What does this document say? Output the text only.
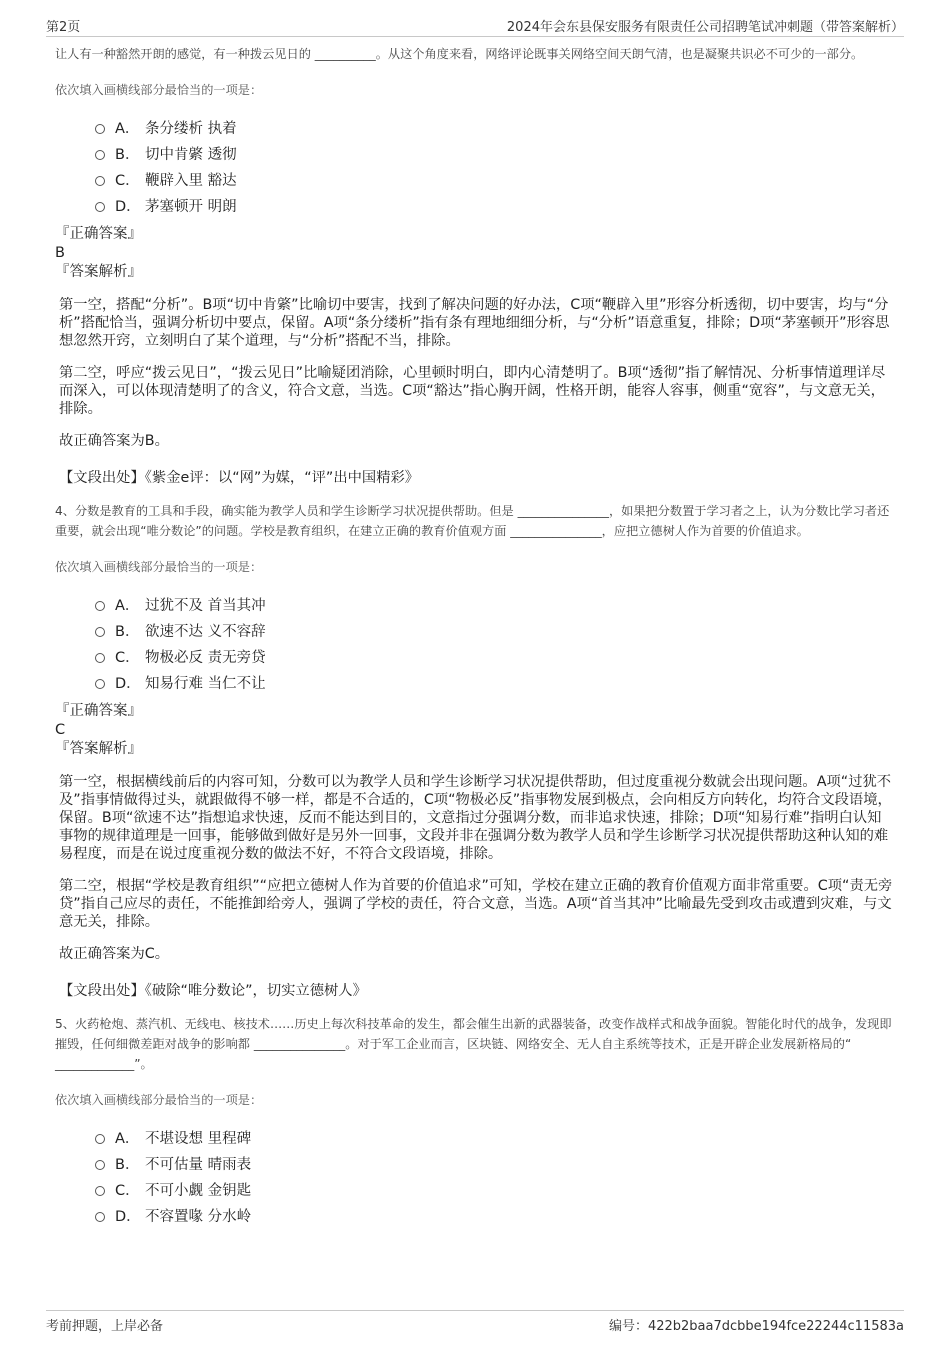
第2页	2024年会东县保安服务有限责任公司招聘笔试冲刺题（带答案解析）

让人有一种豁然开朗的感觉，有一种拨云见日的 __________。从这个角度来看，网络评论既事关网络空间天朗气清，也是凝聚共识必不可少的一部分。

依次填入画横线部分最恰当的一项是：

A． 条分缕析 执着
B． 切中肯綮 透彻
C． 鞭辟入里 豁达
D． 茅塞顿开 明朗

『正确答案』

B

『答案解析』

第一空，搭配“分析”。B项“切中肯綮”比喻切中要害，找到了解决问题的好办法，C项“鞭辟入里”形容分析透彻，切中要害，均与“分析”搭配恰当，强调分析切中要点，保留。A项“条分缕析”指有条有理地细细分析，与“分析”语意重复，排除；D项“茅塞顿开”形容思想忽然开窍，立刻明白了某个道理，与“分析”搭配不当，排除。

第二空，呼应“拨云见日”，“拨云见日”比喻疑团消除，心里顿时明白，即内心清楚明了。B项“透彻”指了解情况、分析事情道理详尽而深入，可以体现清楚明了的含义，符合文意，当选。C项“豁达”指心胸开阔，性格开朗，能容人容事，侧重“宽容”，与文意无关，排除。

故正确答案为B。

【文段出处】《紫金e评：以“网”为媒，“评”出中国精彩》

4、分数是教育的工具和手段，确实能为教学人员和学生诊断学习状况提供帮助。但是 _______________，如果把分数置于学习者之上，认为分数比学习者还重要，就会出现“唯分数论”的问题。学校是教育组织，在建立正确的教育价值观方面 _______________，应把立德树人作为首要的价值追求。

依次填入画横线部分最恰当的一项是：

A． 过犹不及 首当其冲
B． 欲速不达 义不容辞
C． 物极必反 责无旁贷
D． 知易行难 当仁不让

『正确答案』

C

『答案解析』

第一空，根据横线前后的内容可知，分数可以为教学人员和学生诊断学习状况提供帮助，但过度重视分数就会出现问题。A项“过犹不及”指事情做得过头，就跟做得不够一样，都是不合适的，C项“物极必反”指事物发展到极点，会向相反方向转化，均符合文段语境，保留。B项“欲速不达”指想追求快速，反而不能达到目的，文意指过分强调分数，而非追求快速，排除；D项“知易行难”指明白认知事物的规律道理是一回事，能够做到做好是另外一回事，文段并非在强调分数为教学人员和学生诊断学习状况提供帮助这种认知的难易程度，而是在说过度重视分数的做法不好，不符合文段语境，排除。

第二空，根据“学校是教育组织”“应把立德树人作为首要的价值追求”可知，学校在建立正确的教育价值观方面非常重要。C项“责无旁贷”指自己应尽的责任，不能推卸给旁人，强调了学校的责任，符合文意，当选。A项“首当其冲”比喻最先受到攻击或遭到灾难，与文意无关，排除。

故正确答案为C。

【文段出处】《破除“唯分数论”，切实立德树人》

5、火药枪炮、蒸汽机、无线电、核技术……历史上每次科技革命的发生，都会催生出新的武器装备，改变作战样式和战争面貌。智能化时代的战争，发现即摧毁，任何细微差距对战争的影响都 _______________。对于军工企业而言，区块链、网络安全、无人自主系统等技术，正是开辟企业发展新格局的“ _____________”。

依次填入画横线部分最恰当的一项是：

A． 不堪设想 里程碑
B． 不可估量 晴雨表
C． 不可小觑 金钥匙
D． 不容置喙 分水岭
考前押题，上岸必备	编号：422b2baa7dcbbe194fce22244c11583a
